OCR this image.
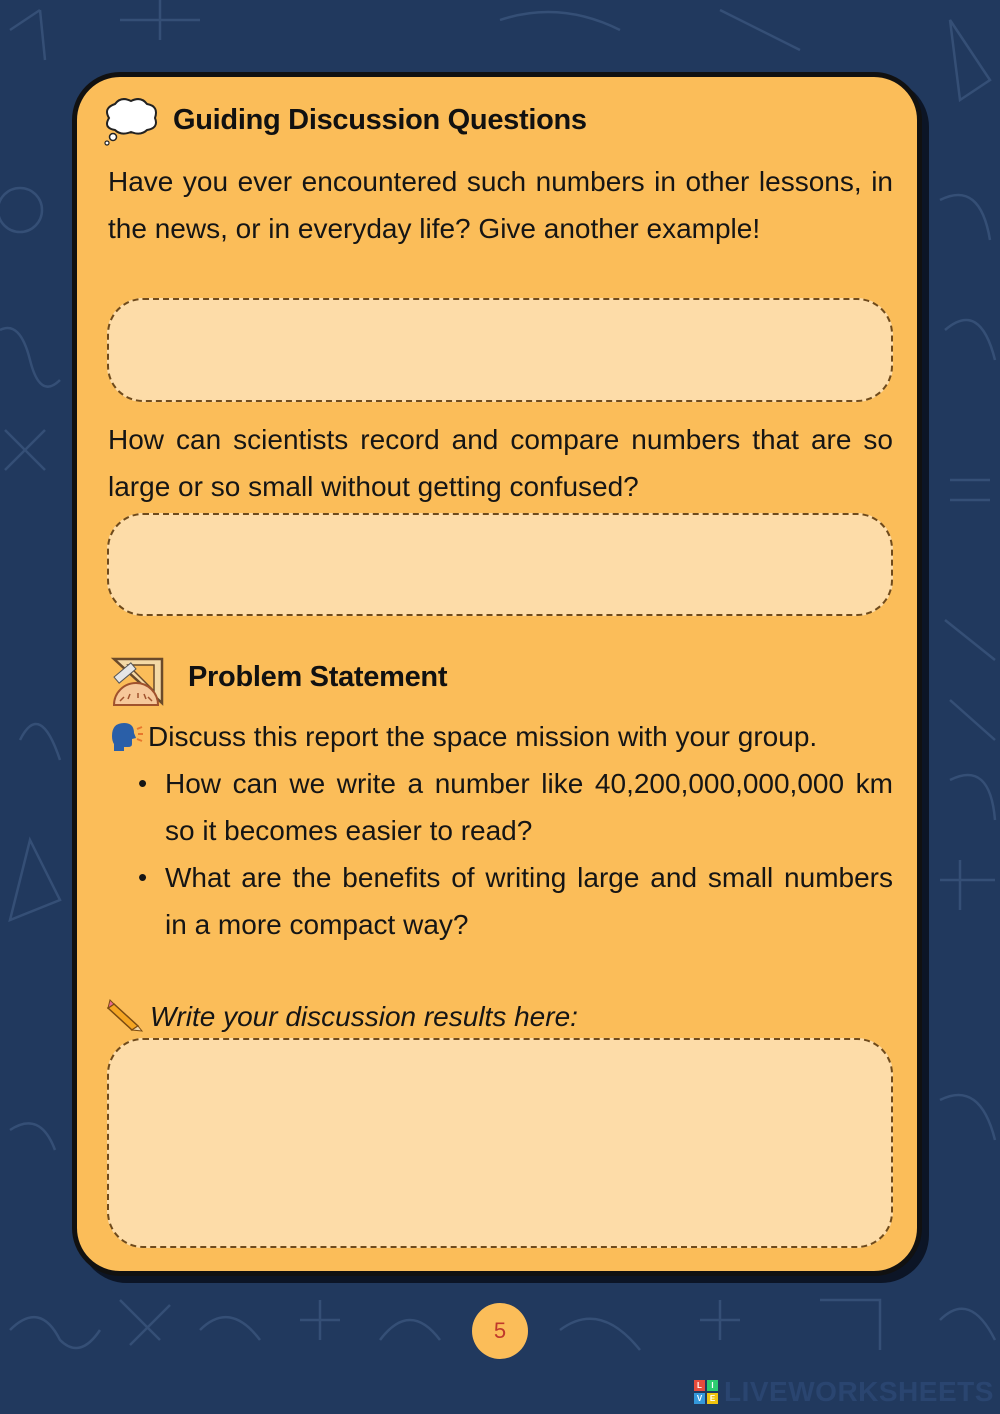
Guiding Discussion Questions
Have you ever encountered such numbers in other lessons, in the news, or in everyday life? Give another example!
How can scientists record and compare numbers that are so large or so small without getting confused?
Problem Statement
Discuss this report the space mission with your group.
• How can we write a number like 40,200,000,000,000 km so it becomes easier to read?
• What are the benefits of writing large and small numbers in a more compact way?
Write your discussion results here:
5
L	I
V E LIVEWORKSHEETS
